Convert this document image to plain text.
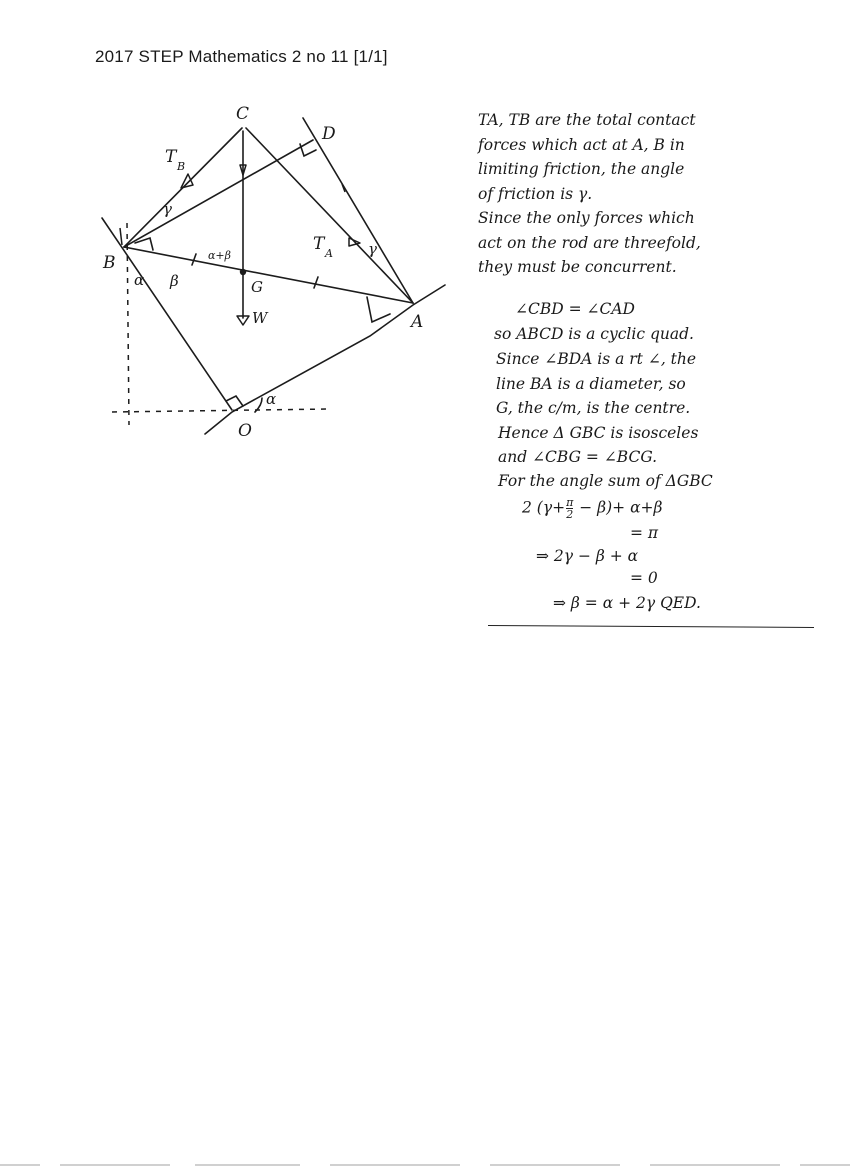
2017 STEP Mathematics 2 no 11 [1/1]
C
D
B
A
O
G
W
T B
T A
α+β
β
α
α
γ
γ
TA, TB are the total contact
forces which act at A, B in
limiting friction, the angle
of friction is γ.
Since the only forces which
act on the rod are threefold,
they must be concurrent.
∠CBD = ∠CAD
so ABCD is a cyclic quad.
Since ∠BDA is a rt ∠, the
line BA is a diameter, so
G, the c/m, is the centre.
Hence Δ GBC is isosceles
and ∠CBG = ∠BCG.
For the angle sum of ΔGBC
2 $(\gamma+ \frac{\pi}{2} - \beta)+ \alpha+\beta$
= π
⇒ 2γ − β + α
= 0
⇒ β = α + 2γ QED.
